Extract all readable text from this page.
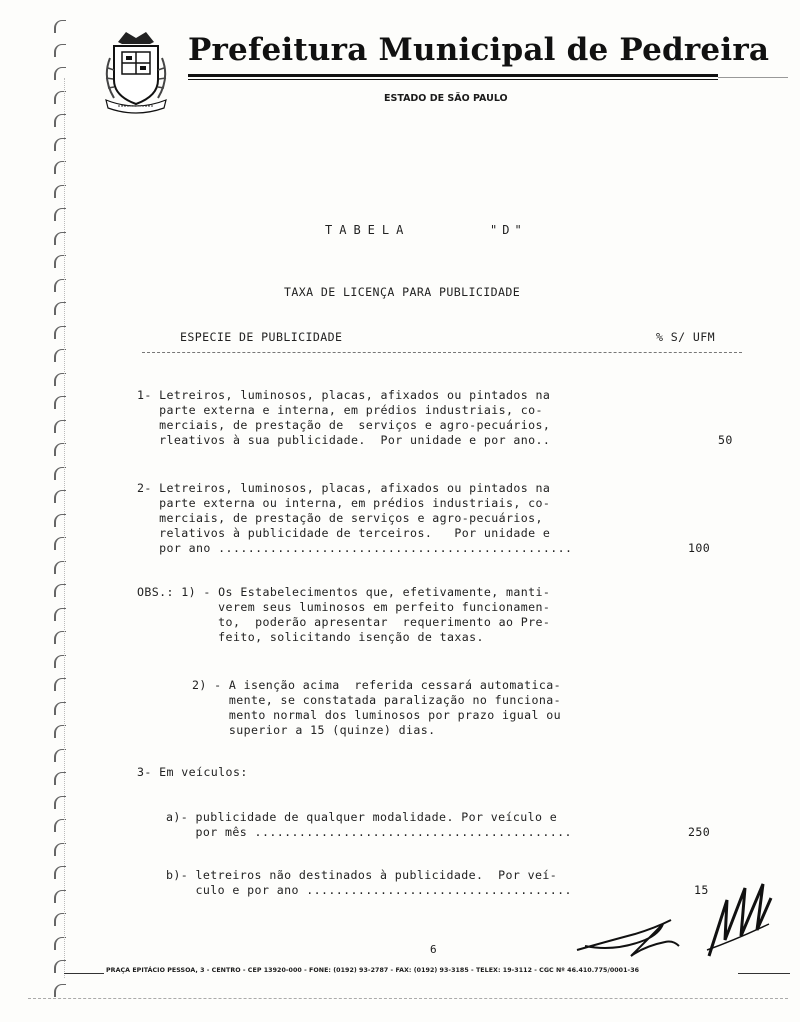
Prefeitura Municipal de Pedreira
ESTADO DE SÃO PAULO
TABELA	"D"
TAXA DE LICENÇA PARA PUBLICIDADE
ESPECIE DE PUBLICIDADE	% S/ UFM
1- Letreiros, luminosos, placas, afixados ou pintados na
parte externa e interna, em prédios industriais, co-
merciais, de prestação de  serviços e agro-pecuários,
rleativos à sua publicidade.  Por unidade e por ano..	50
2- Letreiros, luminosos, placas, afixados ou pintados na
parte externa ou interna, em prédios industriais, co-
merciais, de prestação de serviços e agro-pecuários,
relativos à publicidade de terceiros.   Por unidade e
por ano ................................................	100
OBS.: 1) - Os Estabelecimentos que, efetivamente, manti-
verem seus luminosos em perfeito funcionamen-
to,  poderão apresentar  requerimento ao Pre-
feito, solicitando isenção de taxas.
2) - A isenção acima  referida cessará automatica-
mente, se constatada paralização no funciona-
mento normal dos luminosos por prazo igual ou
superior a 15 (quinze) dias.
3- Em veículos:
a)- publicidade de qualquer modalidade. Por veículo e
por mês ...........................................	250
b)- letreiros não destinados à publicidade.  Por veí-
culo e por ano ....................................	15
6
PRAÇA EPITÁCIO PESSOA, 3 - CENTRO - CEP 13920-000 - FONE: (0192) 93-2787 - FAX: (0192) 93-3185 - TELEX: 19-3112 - CGC Nº 46.410.775/0001-36
